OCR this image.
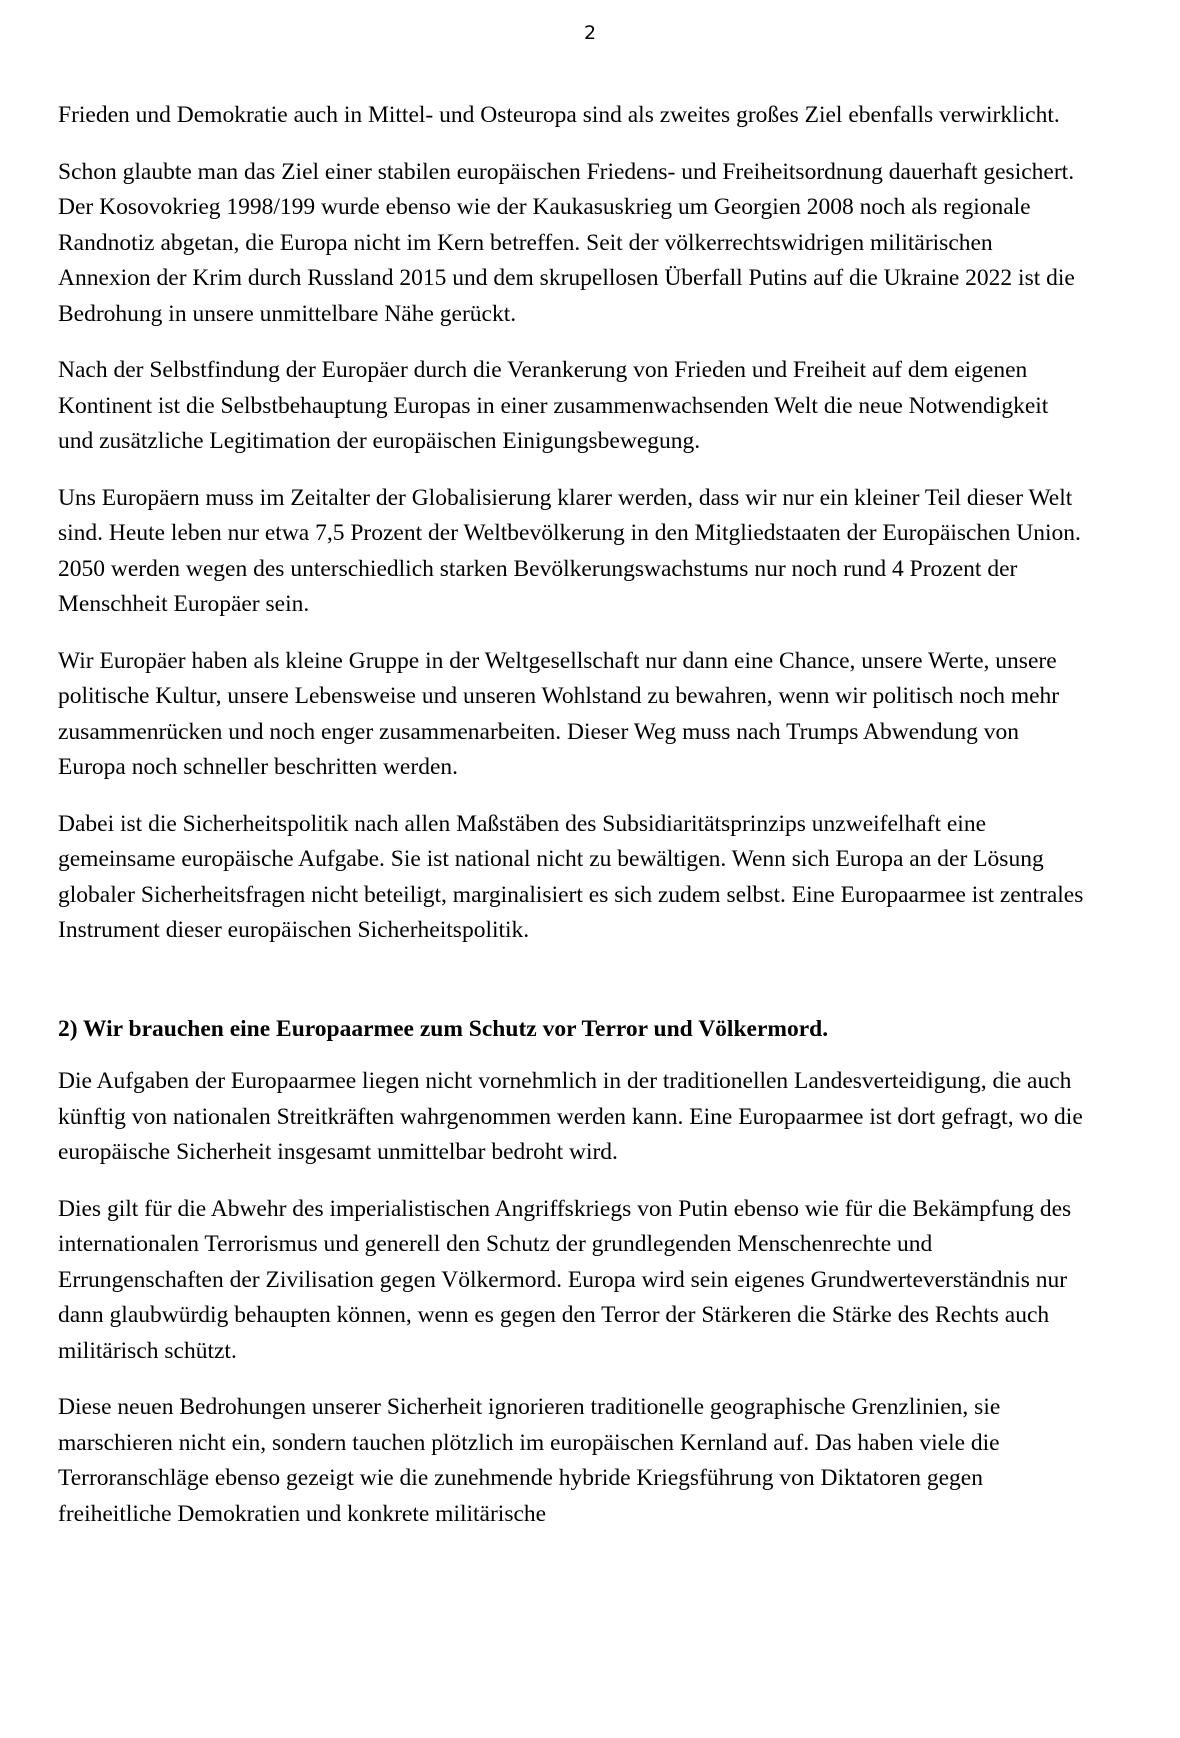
2

Frieden und Demokratie auch in Mittel- und Osteuropa sind als zweites großes Ziel ebenfalls verwirklicht.

Schon glaubte man das Ziel einer stabilen europäischen Friedens- und Freiheitsordnung dauerhaft gesichert. Der Kosovokrieg 1998/199 wurde ebenso wie der Kaukasuskrieg um Georgien 2008 noch als regionale Randnotiz abgetan, die Europa nicht im Kern betreffen. Seit der völkerrechtswidrigen militärischen Annexion der Krim durch Russland 2015 und dem skrupellosen Überfall Putins auf die Ukraine 2022 ist die Bedrohung in unsere unmittelbare Nähe gerückt.

Nach der Selbstfindung der Europäer durch die Verankerung von Frieden und Freiheit auf dem eigenen Kontinent ist die Selbstbehauptung Europas in einer zusammenwachsenden Welt die neue Notwendigkeit und zusätzliche Legitimation der europäischen Einigungsbewegung.

Uns Europäern muss im Zeitalter der Globalisierung klarer werden, dass wir nur ein kleiner Teil dieser Welt sind. Heute leben nur etwa 7,5 Prozent der Weltbevölkerung in den Mitgliedstaaten der Europäischen Union. 2050 werden wegen des unterschiedlich starken Bevölkerungswachstums nur noch rund 4 Prozent der Menschheit Europäer sein.

Wir Europäer haben als kleine Gruppe in der Weltgesellschaft nur dann eine Chance, unsere Werte, unsere politische Kultur, unsere Lebensweise und unseren Wohlstand zu bewahren, wenn wir politisch noch mehr zusammenrücken und noch enger zusammenarbeiten. Dieser Weg muss nach Trumps Abwendung von Europa noch schneller beschritten werden.

Dabei ist die Sicherheitspolitik nach allen Maßstäben des Subsidiaritätsprinzips unzweifelhaft eine gemeinsame europäische Aufgabe. Sie ist national nicht zu bewältigen. Wenn sich Europa an der Lösung globaler Sicherheitsfragen nicht beteiligt, marginalisiert es sich zudem selbst. Eine Europaarmee ist zentrales Instrument dieser europäischen Sicherheitspolitik.

2) Wir brauchen eine Europaarmee zum Schutz vor Terror und Völkermord.

Die Aufgaben der Europaarmee liegen nicht vornehmlich in der traditionellen Landesverteidigung, die auch künftig von nationalen Streitkräften wahrgenommen werden kann. Eine Europaarmee ist dort gefragt, wo die europäische Sicherheit insgesamt unmittelbar bedroht wird.

Dies gilt für die Abwehr des imperialistischen Angriffskriegs von Putin ebenso wie für die Bekämpfung des internationalen Terrorismus und generell den Schutz der grundlegenden Menschenrechte und Errungenschaften der Zivilisation gegen Völkermord. Europa wird sein eigenes Grundwerteverständnis nur dann glaubwürdig behaupten können, wenn es gegen den Terror der Stärkeren die Stärke des Rechts auch militärisch schützt.

Diese neuen Bedrohungen unserer Sicherheit ignorieren traditionelle geographische Grenzlinien, sie marschieren nicht ein, sondern tauchen plötzlich im europäischen Kernland auf. Das haben viele die Terroranschläge ebenso gezeigt wie die zunehmende hybride Kriegsführung von Diktatoren gegen freiheitliche Demokratien und konkrete militärische
